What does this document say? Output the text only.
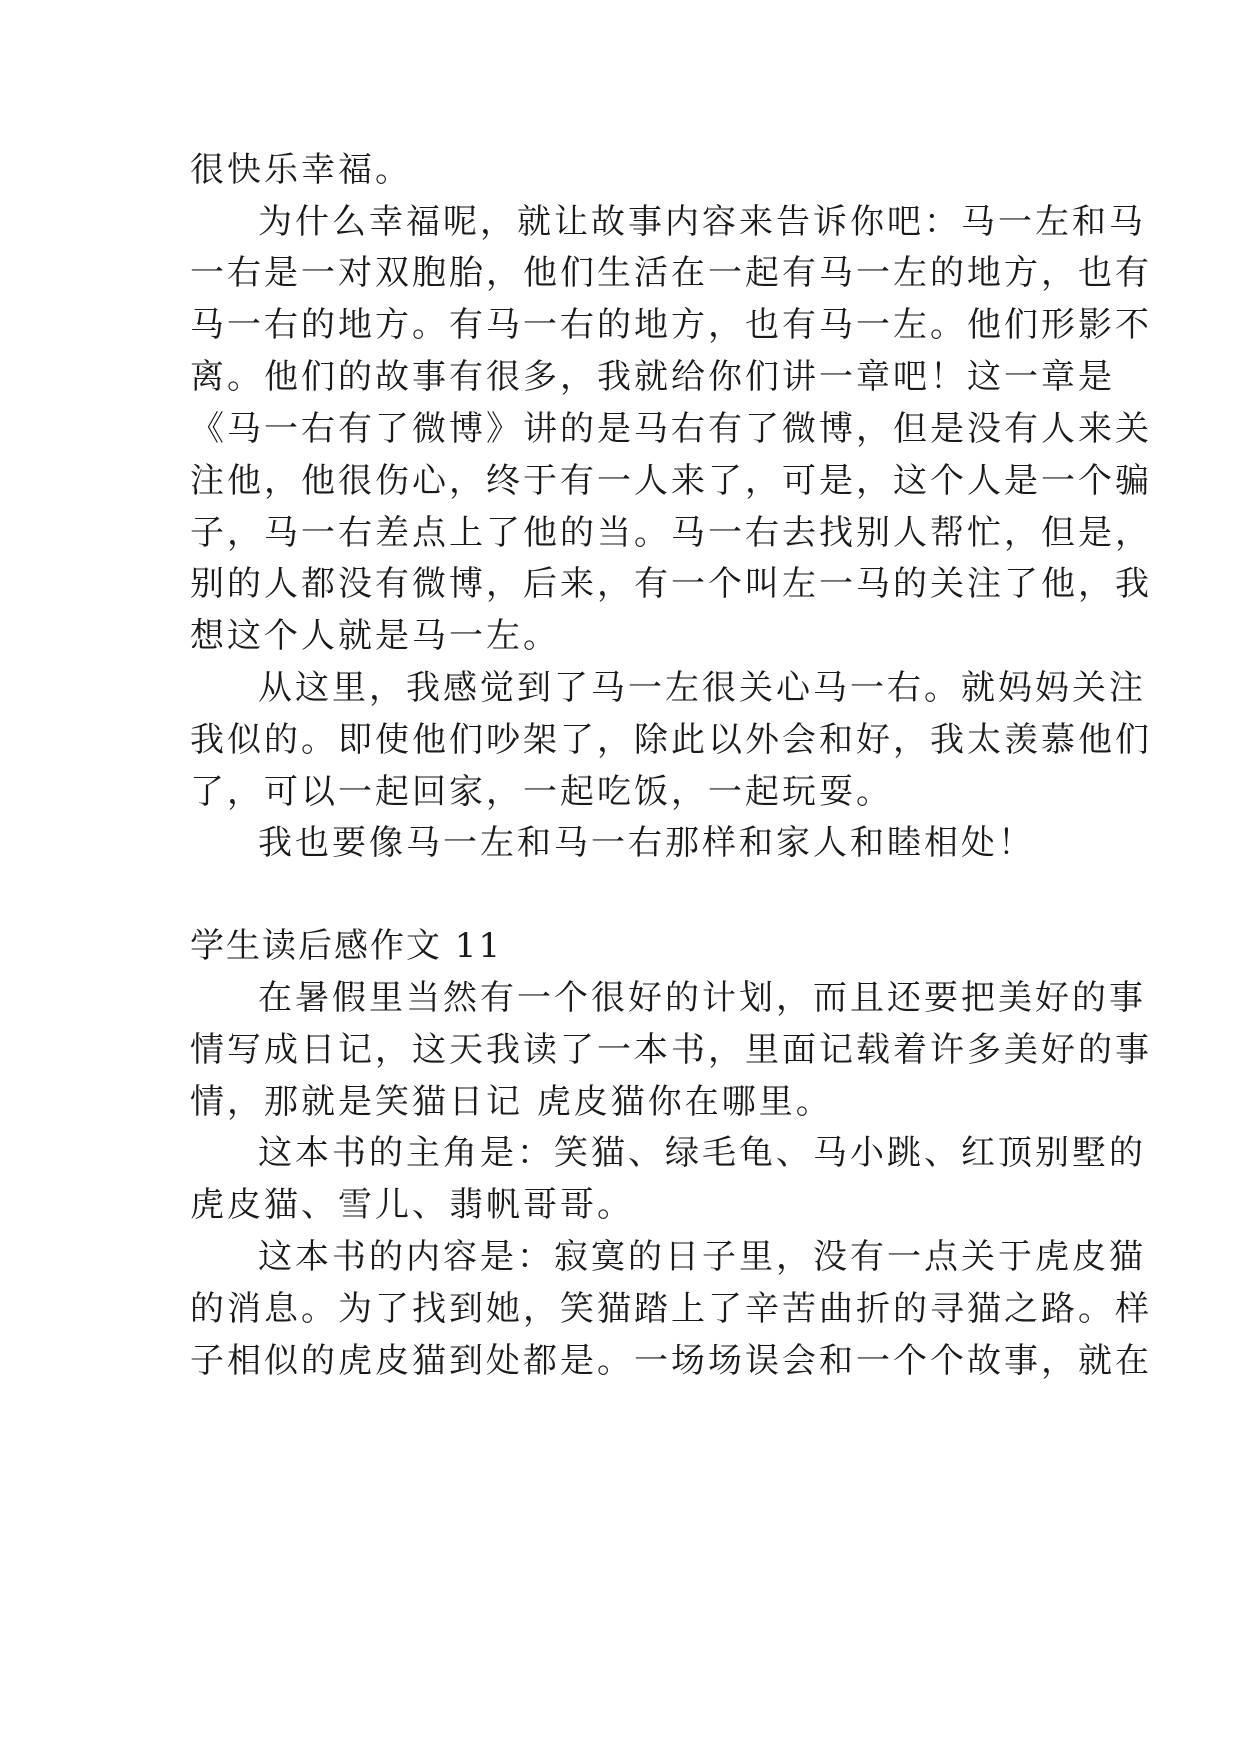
很快乐幸福。
为什么幸福呢，就让故事内容来告诉你吧：马一左和马
一右是一对双胞胎，他们生活在一起有马一左的地方，也有
马一右的地方。有马一右的地方，也有马一左。他们形影不
离。他们的故事有很多，我就给你们讲一章吧！这一章是
《马一右有了微博》讲的是马右有了微博，但是没有人来关
注他，他很伤心，终于有一人来了，可是，这个人是一个骗
子，马一右差点上了他的当。马一右去找别人帮忙，但是，
别的人都没有微博，后来，有一个叫左一马的关注了他，我
想这个人就是马一左。
从这里，我感觉到了马一左很关心马一右。就妈妈关注
我似的。即使他们吵架了，除此以外会和好，我太羡慕他们
了，可以一起回家，一起吃饭，一起玩耍。
我也要像马一左和马一右那样和家人和睦相处！
学生读后感作文 11
在暑假里当然有一个很好的计划，而且还要把美好的事
情写成日记，这天我读了一本书，里面记载着许多美好的事
情，那就是笑猫日记 虎皮猫你在哪里。
这本书的主角是：笑猫、绿毛龟、马小跳、红顶别墅的
虎皮猫、雪儿、翡帆哥哥。
这本书的内容是：寂寞的日子里，没有一点关于虎皮猫
的消息。为了找到她，笑猫踏上了辛苦曲折的寻猫之路。样
子相似的虎皮猫到处都是。一场场误会和一个个故事，就在
